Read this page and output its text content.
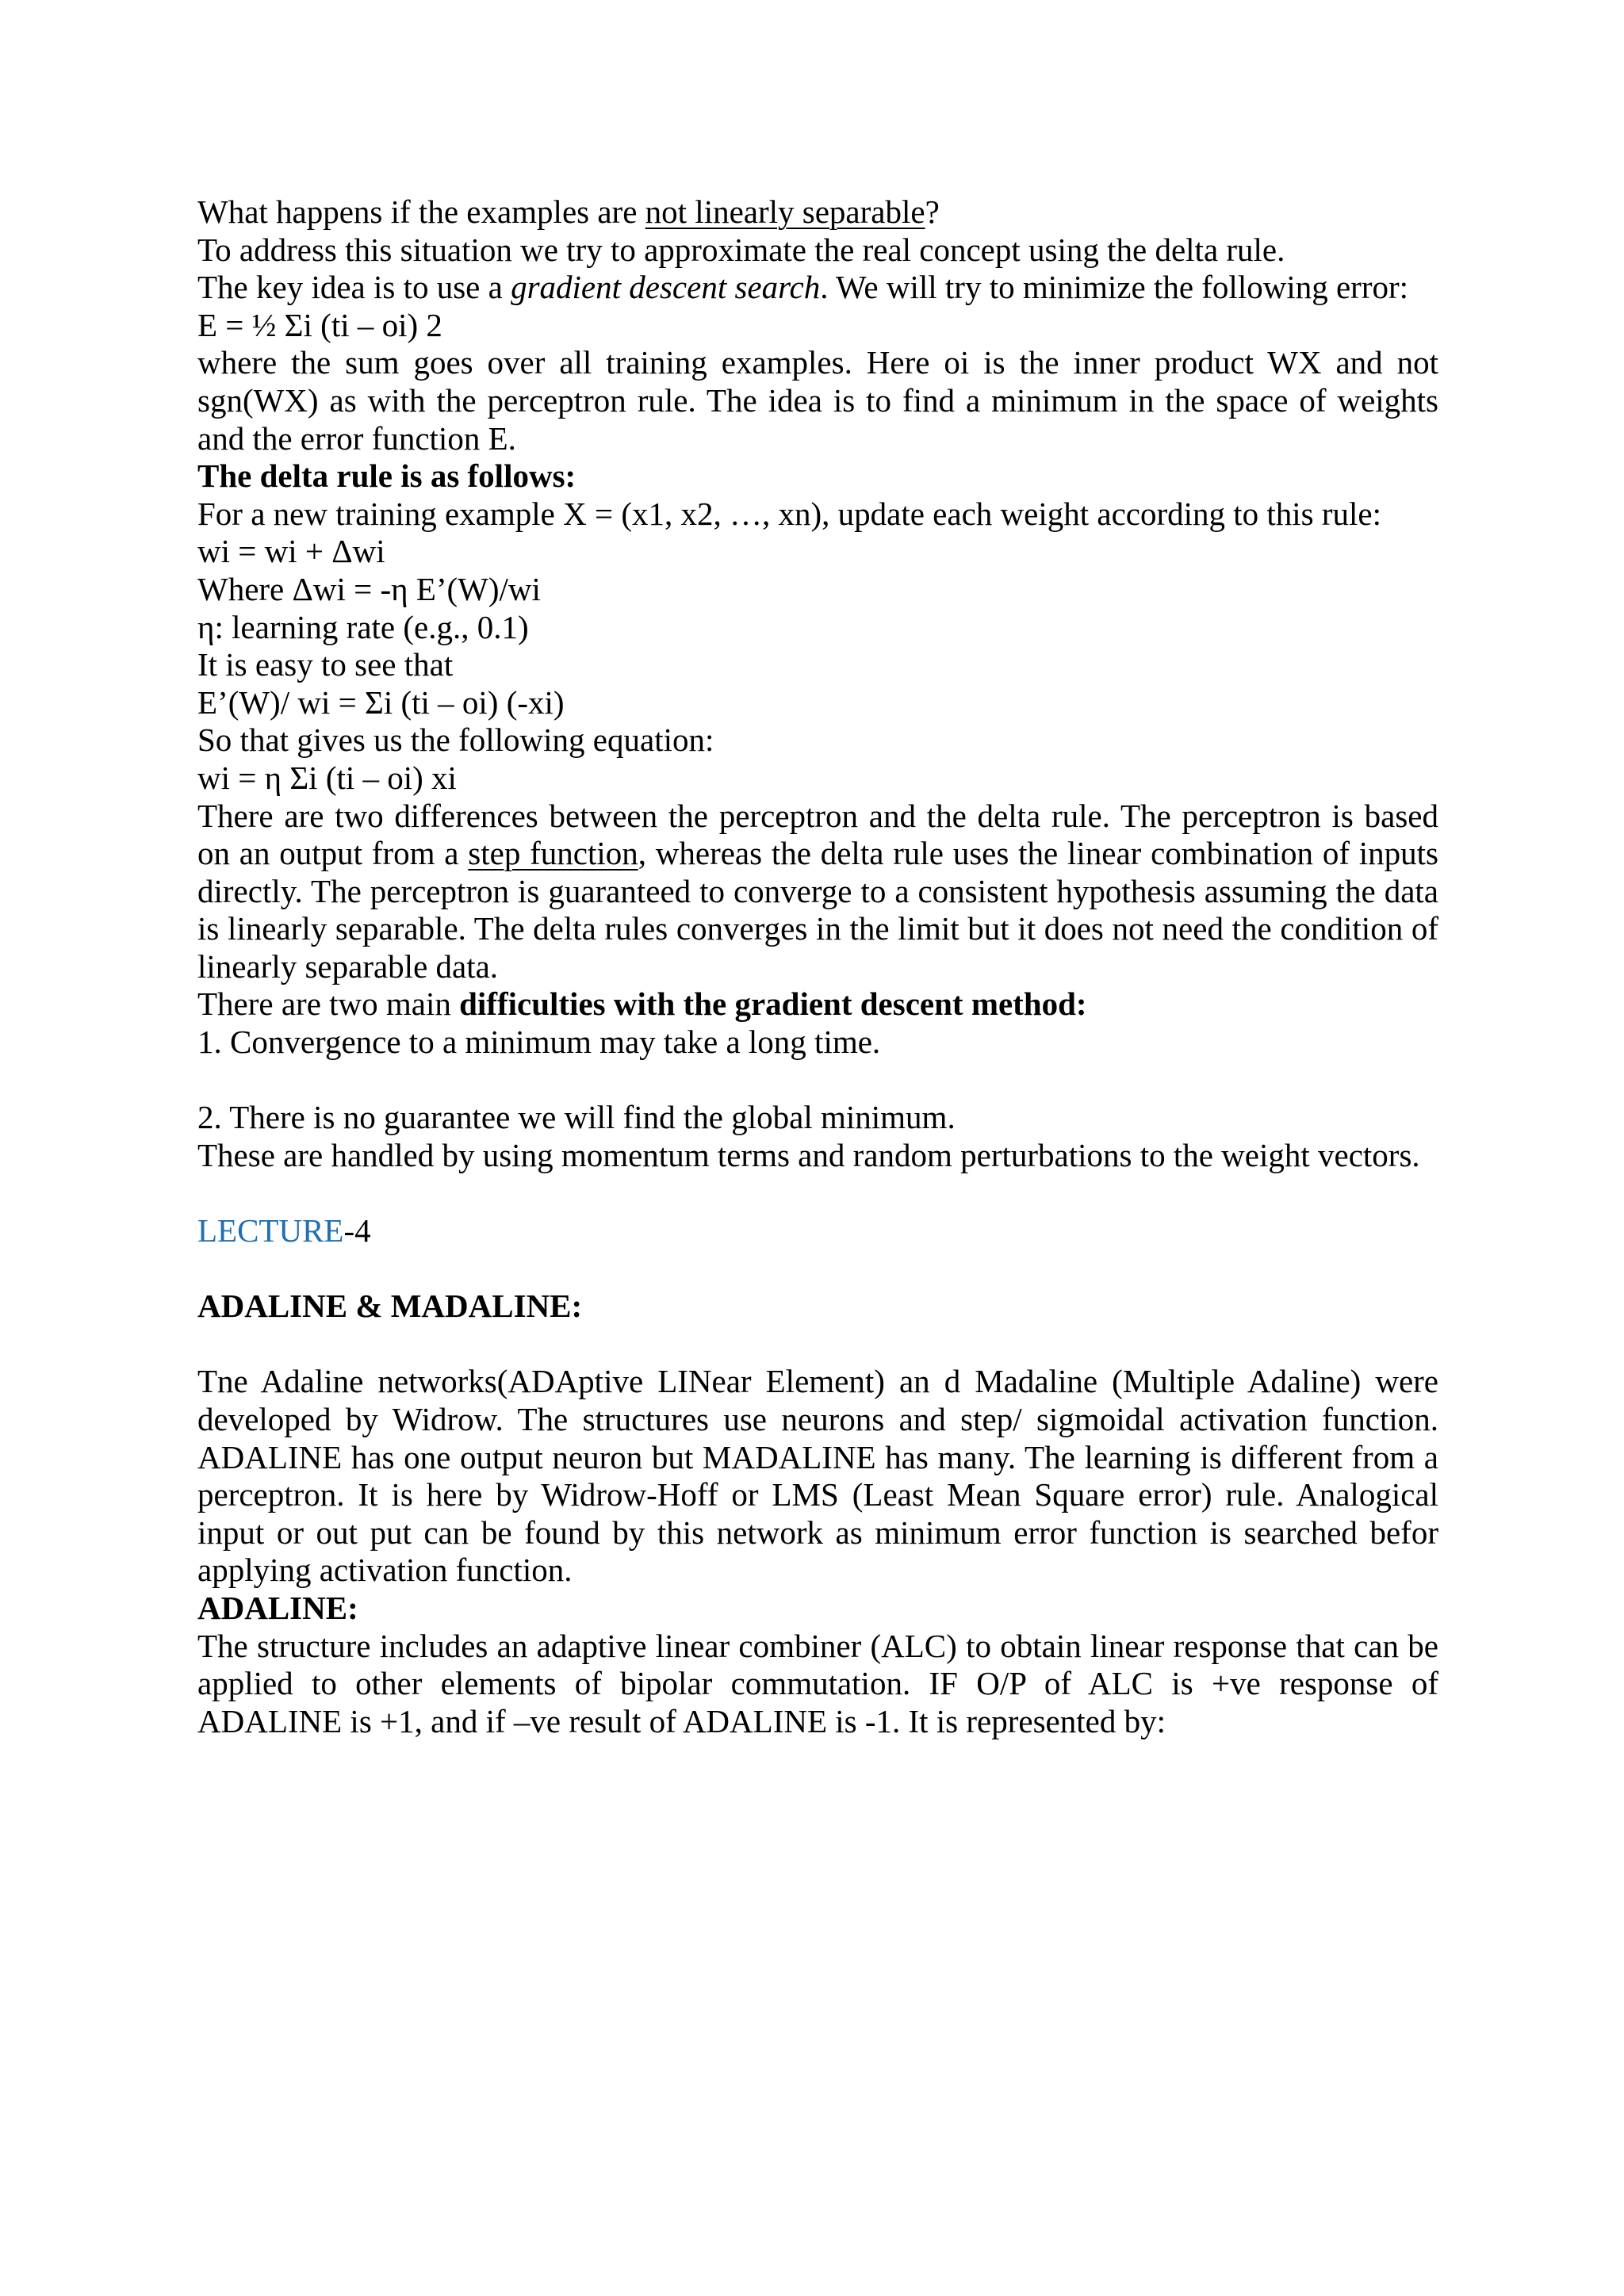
What happens if the examples are not linearly separable?
To address this situation we try to approximate the real concept using the delta rule.
The key idea is to use a gradient descent search. We will try to minimize the following error:
E = ½ Σi (ti – oi) 2
where the sum goes over all training examples. Here oi is the inner product WX and not sgn(WX) as with the perceptron rule. The idea is to find a minimum in the space of weights and the error function E.
The delta rule is as follows:
For a new training example X = (x1, x2, …, xn), update each weight according to this rule:
wi = wi + Δwi
Where Δwi = -η E’(W)/wi
η: learning rate (e.g., 0.1)
It is easy to see that
E’(W)/ wi = Σi (ti – oi) (-xi)
So that gives us the following equation:
wi = η Σi (ti – oi) xi
There are two differences between the perceptron and the delta rule. The perceptron is based on an output from a step function, whereas the delta rule uses the linear combination of inputs directly. The perceptron is guaranteed to converge to a consistent hypothesis assuming the data is linearly separable. The delta rules converges in the limit but it does not need the condition of linearly separable data.
There are two main difficulties with the gradient descent method:
1. Convergence to a minimum may take a long time.
2. There is no guarantee we will find the global minimum.
These are handled by using momentum terms and random perturbations to the weight vectors.
LECTURE-4
ADALINE & MADALINE:
Tne Adaline networks(ADAptive LINear Element) an d Madaline (Multiple Adaline) were developed by Widrow. The structures use neurons and step/ sigmoidal activation function. ADALINE has one output neuron but MADALINE has many. The learning is different from a perceptron. It is here by Widrow-Hoff or LMS (Least Mean Square error) rule. Analogical input or out put can be found by this network as minimum error function is searched befor applying activation function.
ADALINE:
The structure includes an adaptive linear combiner (ALC) to obtain linear response that can be applied to other elements of bipolar commutation. IF O/P of ALC is +ve response of ADALINE is +1, and if –ve result of ADALINE is -1. It is represented by:
